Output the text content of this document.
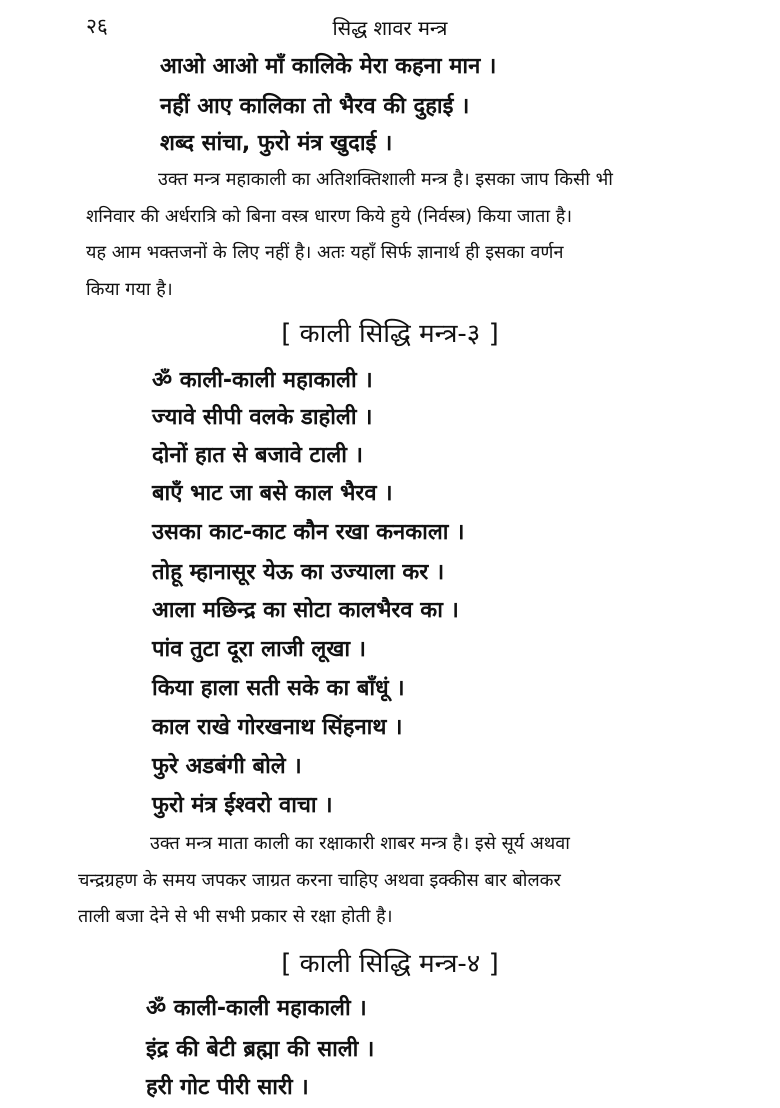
२६	सिद्ध शावर मन्त्र
आओ आओ माँ कालिके मेरा कहना मान ।
नहीं आए कालिका तो भैरव की दुहाई ।
शब्द सांचा, फुरो मंत्र खुदाई ।
उक्त मन्त्र महाकाली का अतिशक्तिशाली मन्त्र है। इसका जाप किसी भी
शनिवार की अर्धरात्रि को बिना वस्त्र धारण किये हुये (निर्वस्त्र) किया जाता है।
यह आम भक्तजनों के लिए नहीं है। अतः यहाँ सिर्फ ज्ञानार्थ ही इसका वर्णन
किया गया है।
[ काली सिद्धि मन्त्र-३ ]
ॐ काली-काली महाकाली ।
ज्यावे सीपी वलके डाहोली ।
दोनों हात से बजावे टाली ।
बाएँ भाट जा बसे काल भैरव ।
उसका काट-काट कौन रखा कनकाला ।
तोहू म्हानासूर येऊ का उज्याला कर ।
आला मछिन्द्र का सोटा कालभैरव का ।
पांव तुटा दूरा लाजी लूखा ।
किया हाला सती सके का बाँधूं ।
काल राखे गोरखनाथ सिंहनाथ ।
फुरे अडबंगी बोले ।
फुरो मंत्र ईश्वरो वाचा ।
उक्त मन्त्र माता काली का रक्षाकारी शाबर मन्त्र है। इसे सूर्य अथवा
चन्द्रग्रहण के समय जपकर जाग्रत करना चाहिए अथवा इक्कीस बार बोलकर
ताली बजा देने से भी सभी प्रकार से रक्षा होती है।
[ काली सिद्धि मन्त्र-४ ]
ॐ काली-काली महाकाली ।
इंद्र की बेटी ब्रह्मा की साली ।
हरी गोट पीरी सारी ।
